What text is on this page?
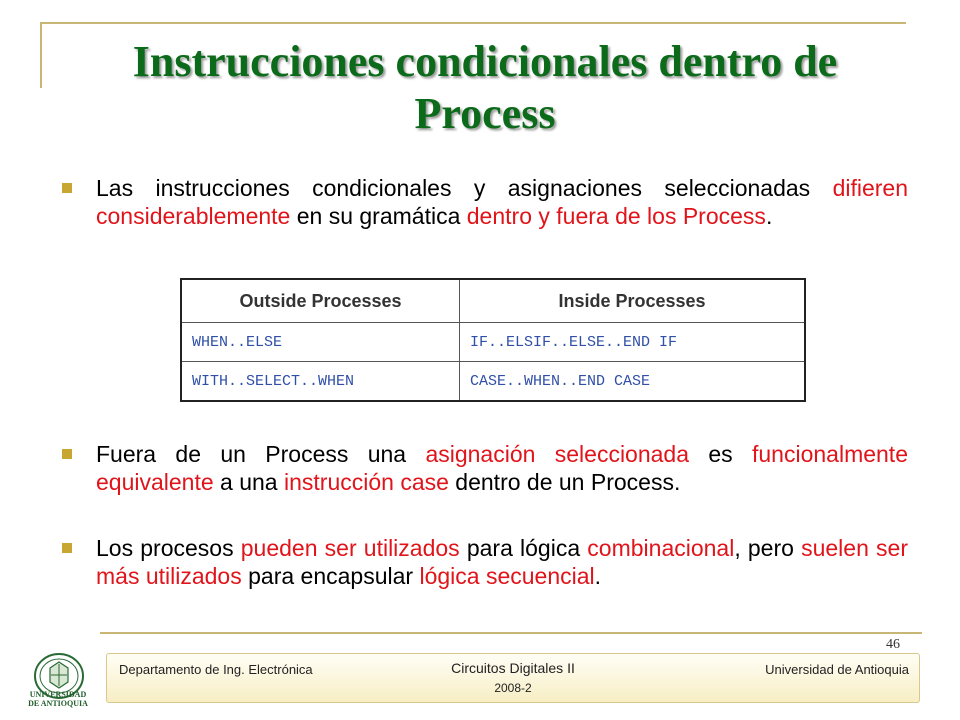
Instrucciones condicionales dentro de
Process
Las instrucciones condicionales y asignaciones seleccionadas difieren considerablemente en su gramática dentro y fuera de los Process.
Outside Processes	Inside Processes
WHEN..ELSE	IF..ELSIF..ELSE..END IF
WITH..SELECT..WHEN	CASE..WHEN..END CASE
Fuera de un Process una asignación seleccionada es funcionalmente equivalente a una instrucción case dentro de un Process.
Los procesos pueden ser utilizados para lógica combinacional, pero suelen ser más utilizados para encapsular lógica secuencial.
46
UNIVERSIDAD
DE ANTIOQUIA
Departamento de Ing. Electrónica	Circuitos Digitales II
2008-2
Universidad de Antioquia
